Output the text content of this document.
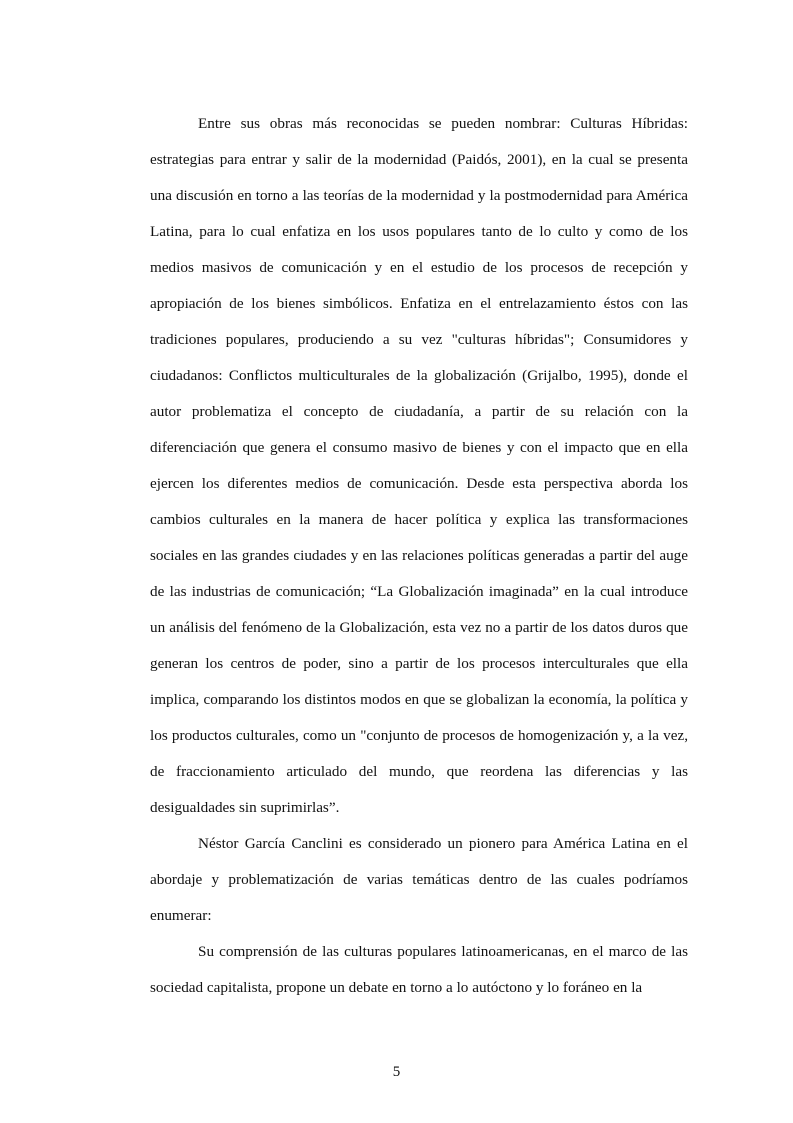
Entre sus obras más reconocidas se pueden nombrar: Culturas Híbridas: estrategias para entrar y salir de la modernidad (Paidós, 2001), en la cual se presenta una discusión en torno a las teorías de la modernidad y la postmodernidad para América Latina, para lo cual enfatiza en los usos populares tanto de lo culto y como de los medios masivos de comunicación y en el estudio de los procesos de recepción y apropiación de los bienes simbólicos. Enfatiza en el entrelazamiento éstos con las tradiciones populares, produciendo a su vez "culturas híbridas"; Consumidores y ciudadanos: Conflictos multiculturales de la globalización (Grijalbo, 1995), donde el autor problematiza el concepto de ciudadanía, a partir de su relación con la diferenciación que genera el consumo masivo de bienes y con el impacto que en ella ejercen los diferentes medios de comunicación. Desde esta perspectiva aborda los cambios culturales en la manera de hacer política y explica las transformaciones sociales en las grandes ciudades y en las relaciones políticas generadas a partir del auge de las industrias de comunicación; “La Globalización imaginada” en la cual introduce un análisis del fenómeno de la Globalización, esta vez no a partir de los datos duros que generan los centros de poder, sino a partir de los procesos interculturales que ella implica, comparando los distintos modos en que se globalizan la economía, la política y los productos culturales, como un "conjunto de procesos de homogenización y, a la vez, de fraccionamiento articulado del mundo, que reordena las diferencias y las desigualdades sin suprimirlas”.

Néstor García Canclini es considerado un pionero para América Latina en el abordaje y problematización de varias temáticas dentro de las cuales podríamos enumerar:

Su comprensión de las culturas populares latinoamericanas, en el marco de las sociedad capitalista, propone un debate en torno a lo autóctono y lo foráneo en la

5
